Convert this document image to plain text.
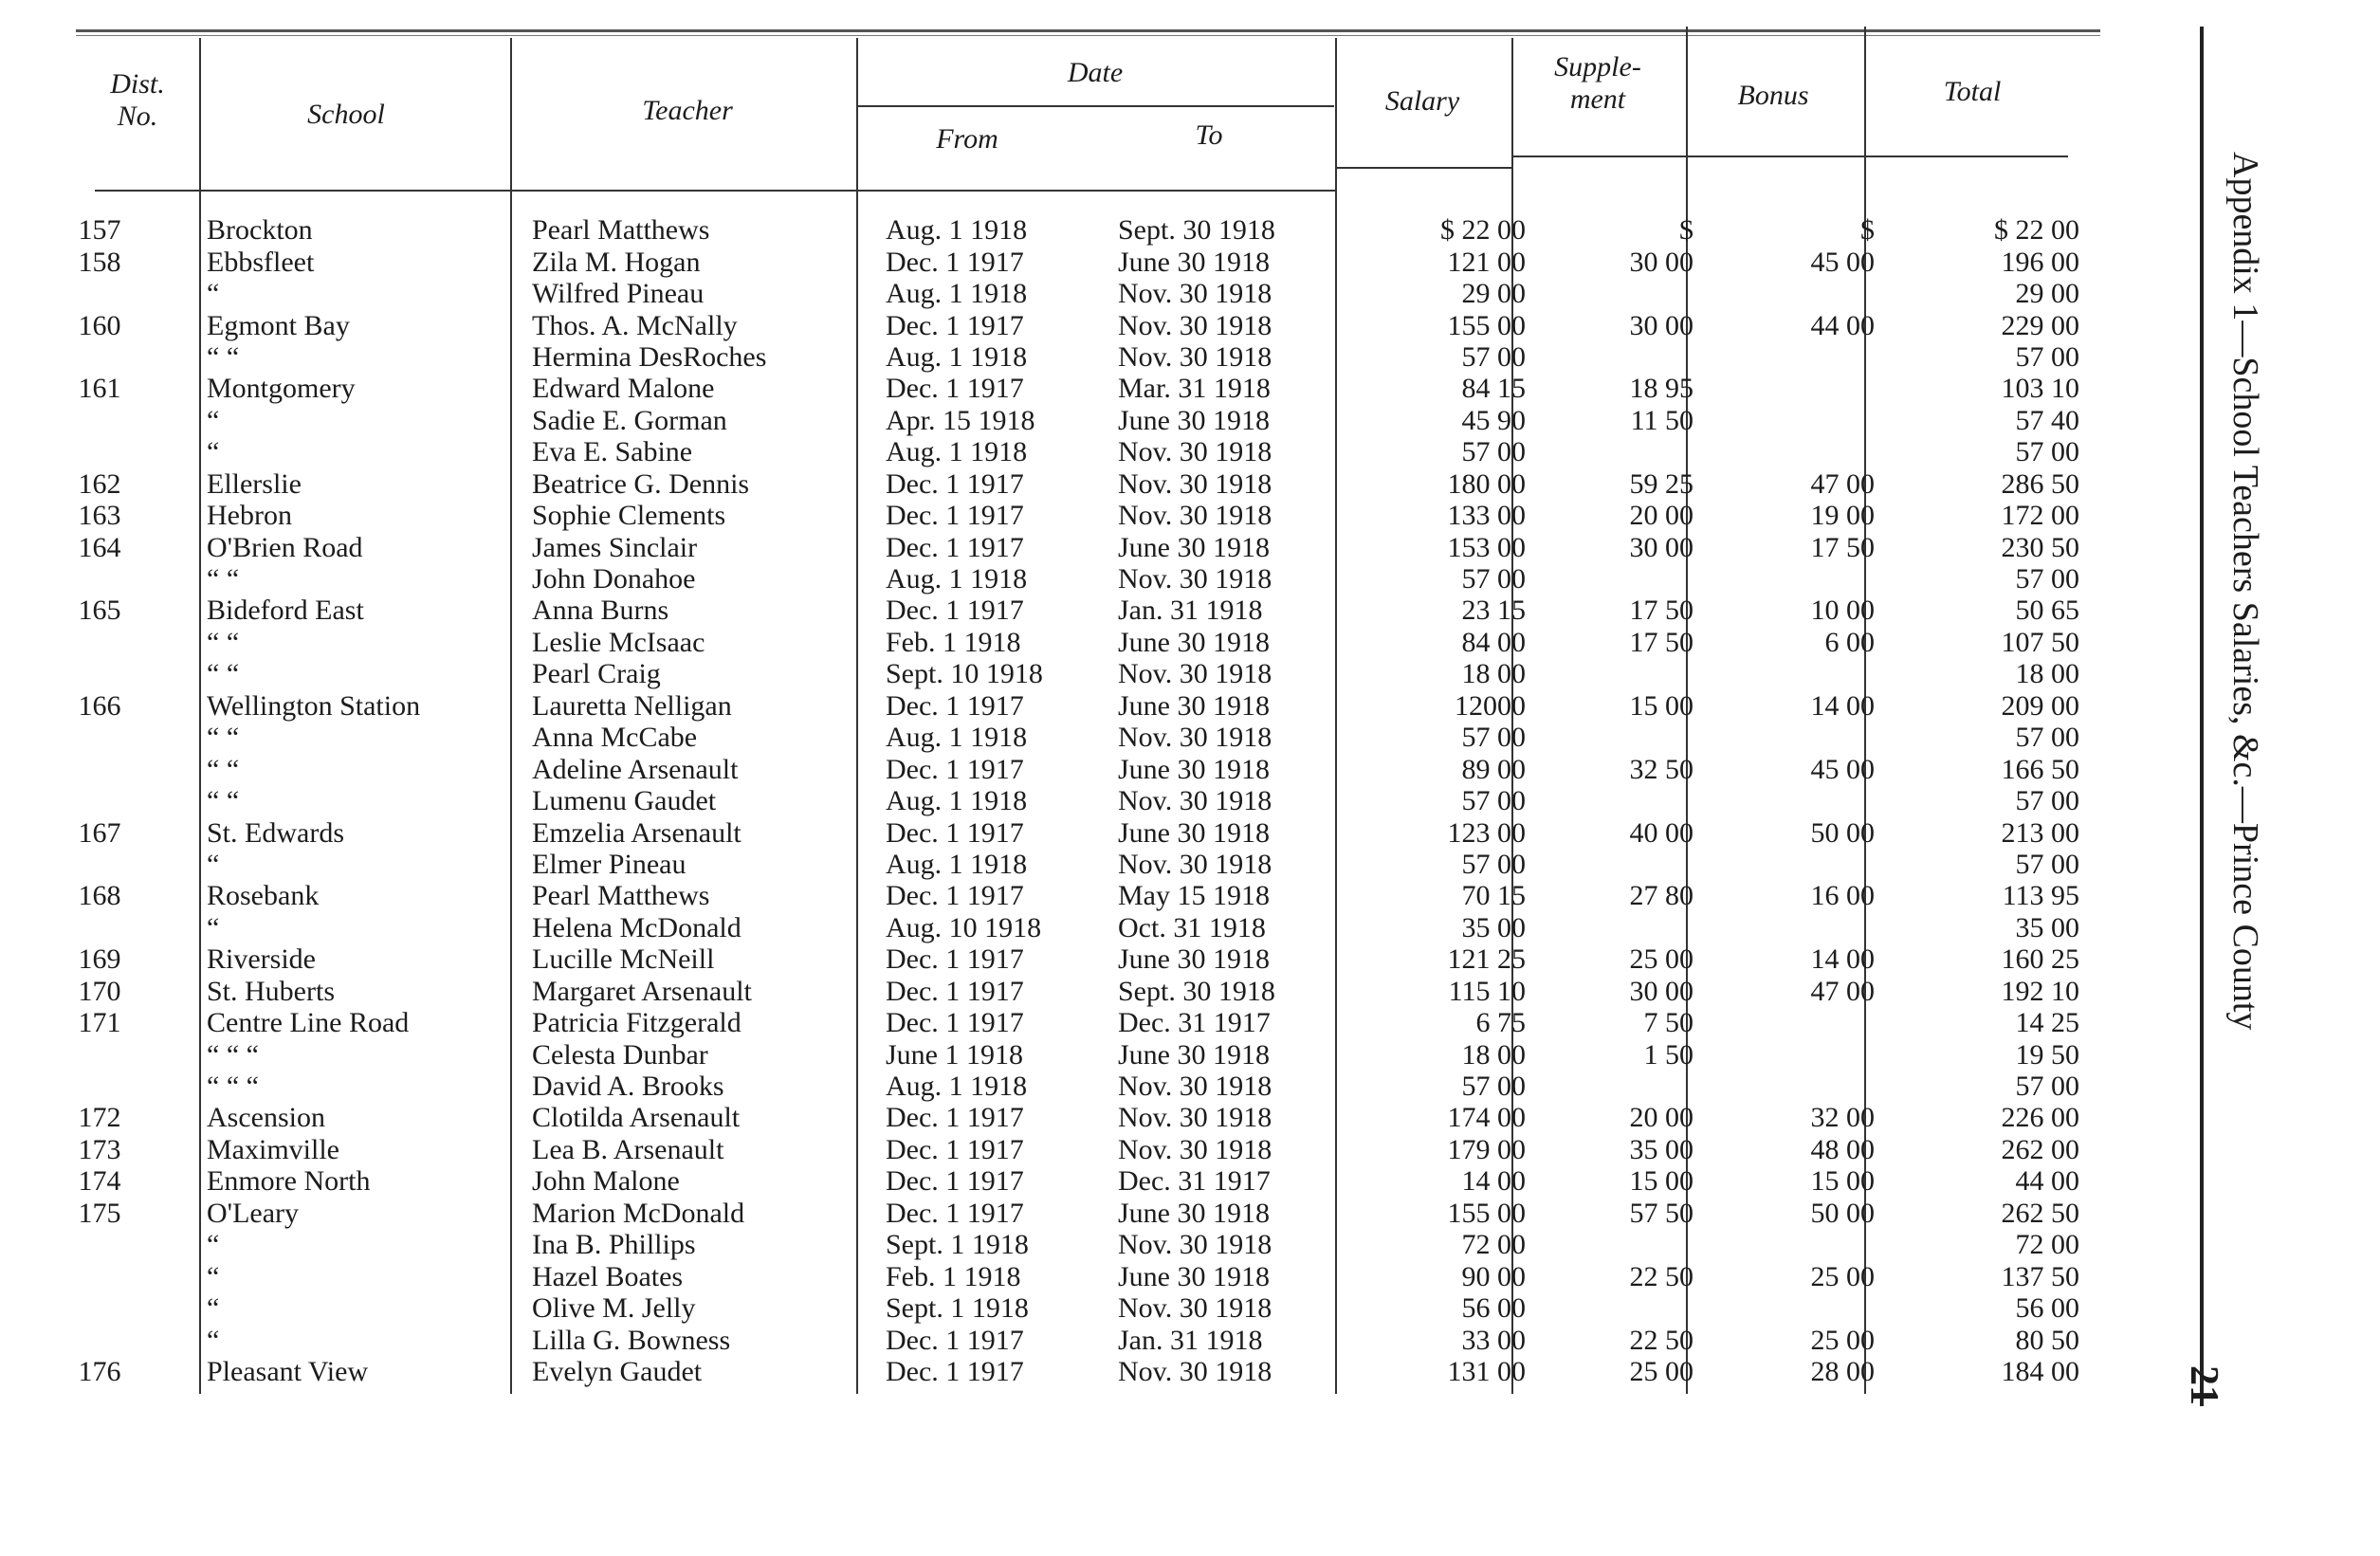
Dist. No.	School	Teacher
Date
From	To
Salary
Supple- ment	Bonus	Total
157	Brockton	Pearl Matthews	Aug. 1 1918	Sept. 30 1918	$ 22 00	$	$	$ 22 00
158	Ebbsfleet	Zila M. Hogan	Dec. 1 1917	June 30 1918	121 00	30 00	45 00	196 00
	“	Wilfred Pineau	Aug. 1 1918	Nov. 30 1918	29 00			29 00
160	Egmont Bay	Thos. A. McNally	Dec. 1 1917	Nov. 30 1918	155 00	30 00	44 00	229 00
	“ “	Hermina DesRoches	Aug. 1 1918	Nov. 30 1918	57 00			57 00
161	Montgomery	Edward Malone	Dec. 1 1917	Mar. 31 1918	84 15	18 95		103 10
	“	Sadie E. Gorman	Apr. 15 1918	June 30 1918	45 90	11 50		57 40
	“	Eva E. Sabine	Aug. 1 1918	Nov. 30 1918	57 00			57 00
162	Ellerslie	Beatrice G. Dennis	Dec. 1 1917	Nov. 30 1918	180 00	59 25	47 00	286 50
163	Hebron	Sophie Clements	Dec. 1 1917	Nov. 30 1918	133 00	20 00	19 00	172 00
164	O'Brien Road	James Sinclair	Dec. 1 1917	June 30 1918	153 00	30 00	17 50	230 50
	“ “	John Donahoe	Aug. 1 1918	Nov. 30 1918	57 00			57 00
165	Bideford East	Anna Burns	Dec. 1 1917	Jan. 31 1918	23 15	17 50	10 00	50 65
	“ “	Leslie McIsaac	Feb. 1 1918	June 30 1918	84 00	17 50	6 00	107 50
	“ “	Pearl Craig	Sept. 10 1918	Nov. 30 1918	18 00			18 00
166	Wellington Station	Lauretta Nelligan	Dec. 1 1917	June 30 1918	12000	15 00	14 00	209 00
	“ “	Anna McCabe	Aug. 1 1918	Nov. 30 1918	57 00			57 00
	“ “	Adeline Arsenault	Dec. 1 1917	June 30 1918	89 00	32 50	45 00	166 50
	“ “	Lumenu Gaudet	Aug. 1 1918	Nov. 30 1918	57 00			57 00
167	St. Edwards	Emzelia Arsenault	Dec. 1 1917	June 30 1918	123 00	40 00	50 00	213 00
	“	Elmer Pineau	Aug. 1 1918	Nov. 30 1918	57 00			57 00
168	Rosebank	Pearl Matthews	Dec. 1 1917	May 15 1918	70 15	27 80	16 00	113 95
	“	Helena McDonald	Aug. 10 1918	Oct. 31 1918	35 00			35 00
169	Riverside	Lucille McNeill	Dec. 1 1917	June 30 1918	121 25	25 00	14 00	160 25
170	St. Huberts	Margaret Arsenault	Dec. 1 1917	Sept. 30 1918	115 10	30 00	47 00	192 10
171	Centre Line Road	Patricia Fitzgerald	Dec. 1 1917	Dec. 31 1917	6 75	7 50		14 25
	“ “ “	Celesta Dunbar	June 1 1918	June 30 1918	18 00	1 50		19 50
	“ “ “	David A. Brooks	Aug. 1 1918	Nov. 30 1918	57 00			57 00
172	Ascension	Clotilda Arsenault	Dec. 1 1917	Nov. 30 1918	174 00	20 00	32 00	226 00
173	Maximville	Lea B. Arsenault	Dec. 1 1917	Nov. 30 1918	179 00	35 00	48 00	262 00
174	Enmore North	John Malone	Dec. 1 1917	Dec. 31 1917	14 00	15 00	15 00	44 00
175	O'Leary	Marion McDonald	Dec. 1 1917	June 30 1918	155 00	57 50	50 00	262 50
	“	Ina B. Phillips	Sept. 1 1918	Nov. 30 1918	72 00			72 00
	“	Hazel Boates	Feb. 1 1918	June 30 1918	90 00	22 50	25 00	137 50
	“	Olive M. Jelly	Sept. 1 1918	Nov. 30 1918	56 00			56 00
	“	Lilla G. Bowness	Dec. 1 1917	Jan. 31 1918	33 00	22 50	25 00	80 50
176	Pleasant View	Evelyn Gaudet	Dec. 1 1917	Nov. 30 1918	131 00	25 00	28 00	184 00
Appendix 1—School Teachers Salaries, &c.—Prince County
21
